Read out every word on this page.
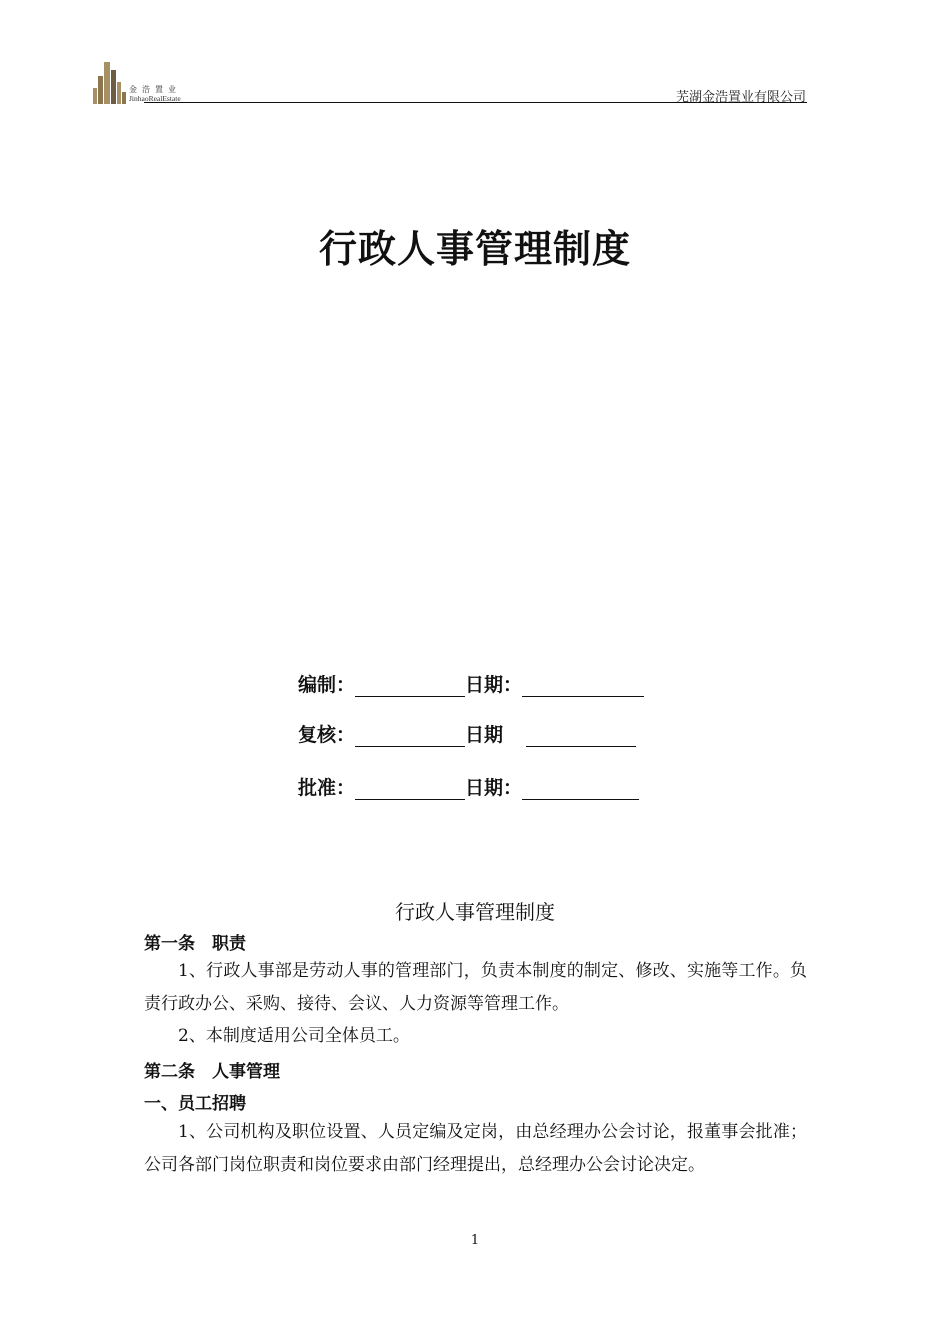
金浩置业
JinhaoRealEstate	芜湖金浩置业有限公司
行政人事管理制度
编制：	日期：
复核：	日期
批准：	日期：
行政人事管理制度
第一条　职责
1、行政人事部是劳动人事的管理部门，负责本制度的制定、修改、实施等工作。负责行政办公、采购、接待、会议、人力资源等管理工作。
2、本制度适用公司全体员工。
第二条　人事管理
一、员工招聘
1、公司机构及职位设置、人员定编及定岗，由总经理办公会讨论，报董事会批准；公司各部门岗位职责和岗位要求由部门经理提出，总经理办公会讨论决定。
1
